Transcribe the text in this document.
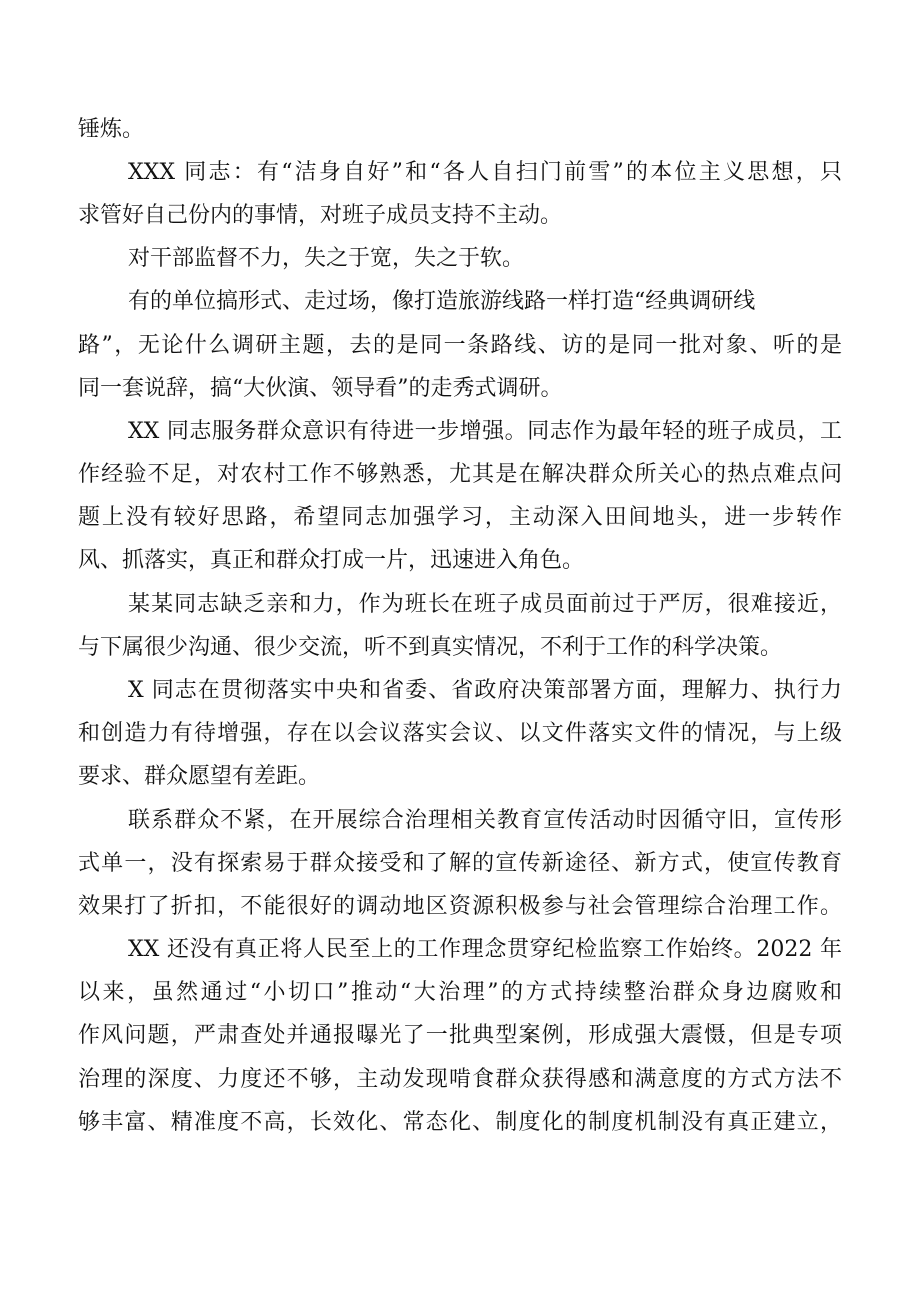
锤炼。
XXX 同志：有“洁身自好”和“各人自扫门前雪”的本位主义思想，只
求管好自己份内的事情，对班子成员支持不主动。
对干部监督不力，失之于宽，失之于软。
有的单位搞形式、走过场，像打造旅游线路一样打造“经典调研线
路”，无论什么调研主题，去的是同一条路线、访的是同一批对象、听的是
同一套说辞，搞“大伙演、领导看”的走秀式调研。
XX 同志服务群众意识有待进一步增强。同志作为最年轻的班子成员，工
作经验不足，对农村工作不够熟悉，尤其是在解决群众所关心的热点难点问
题上没有较好思路，希望同志加强学习，主动深入田间地头，进一步转作
风、抓落实，真正和群众打成一片，迅速进入角色。
某某同志缺乏亲和力，作为班长在班子成员面前过于严厉，很难接近，
与下属很少沟通、很少交流，听不到真实情况，不利于工作的科学决策。
X 同志在贯彻落实中央和省委、省政府决策部署方面，理解力、执行力
和创造力有待增强，存在以会议落实会议、以文件落实文件的情况，与上级
要求、群众愿望有差距。
联系群众不紧，在开展综合治理相关教育宣传活动时因循守旧，宣传形
式单一，没有探索易于群众接受和了解的宣传新途径、新方式，使宣传教育
效果打了折扣，不能很好的调动地区资源积极参与社会管理综合治理工作。
XX 还没有真正将人民至上的工作理念贯穿纪检监察工作始终。2022 年
以来，虽然通过“小切口”推动“大治理”的方式持续整治群众身边腐败和
作风问题，严肃查处并通报曝光了一批典型案例，形成强大震慑，但是专项
治理的深度、力度还不够，主动发现啃食群众获得感和满意度的方式方法不
够丰富、精准度不高，长效化、常态化、制度化的制度机制没有真正建立，
